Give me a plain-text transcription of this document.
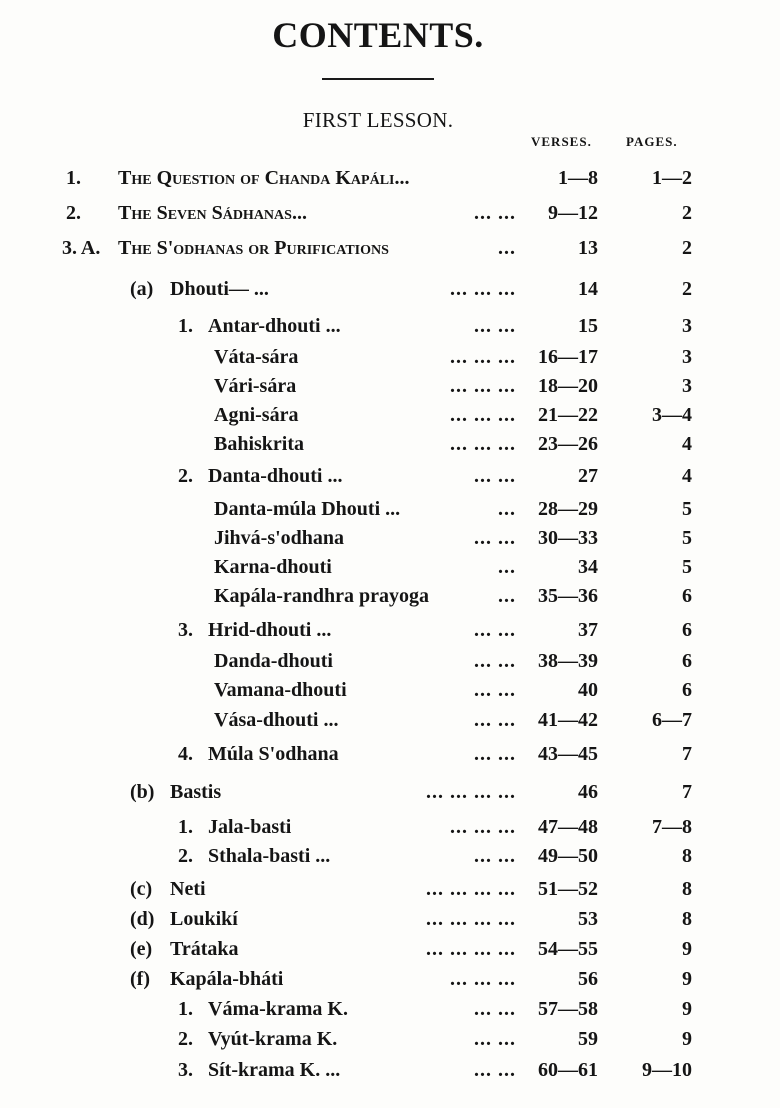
CONTENTS.
FIRST LESSON.
VERSES.	PAGES.
1. The Question of Chanda Kapáli...	1—8	1—2
2. The Seven Sádhanas...	... ...	9—12	2
3. A. The S'odhanas or Purifications	...	13	2
(a) Dhouti— ...	... ... ...	14	2
1. Antar-dhouti ...	... ...	15	3
Váta-sára	... ... ...	16—17	3
Vári-sára	... ... ...	18—20	3
Agni-sára	... ... ...	21—22	3—4
Bahiskrita	... ... ...	23—26	4
2. Danta-dhouti ...	... ...	27	4
Danta-múla Dhouti ...	...	28—29	5
Jihvá-s'odhana	... ...	30—33	5
Karna-dhouti	...	34	5
Kapála-randhra prayoga	...	35—36	6
3. Hrid-dhouti ...	... ...	37	6
Danda-dhouti	... ...	38—39	6
Vamana-dhouti	... ...	40	6
Vása-dhouti ...	... ...	41—42	6—7
4. Múla S'odhana	... ...	43—45	7
(b) Bastis	... ... ... ...	46	7
1. Jala-basti	... ... ...	47—48	7—8
2. Sthala-basti ...	... ...	49—50	8
(c) Neti	... ... ... ...	51—52	8
(d) Loukikí	... ... ... ...	53	8
(e) Trátaka	... ... ... ...	54—55	9
(f) Kapála-bháti	... ... ...	56	9
1. Váma-krama K.	... ...	57—58	9
2. Vyút-krama K.	... ...	59	9
3. Sít-krama K. ...	... ...	60—61	9—10
